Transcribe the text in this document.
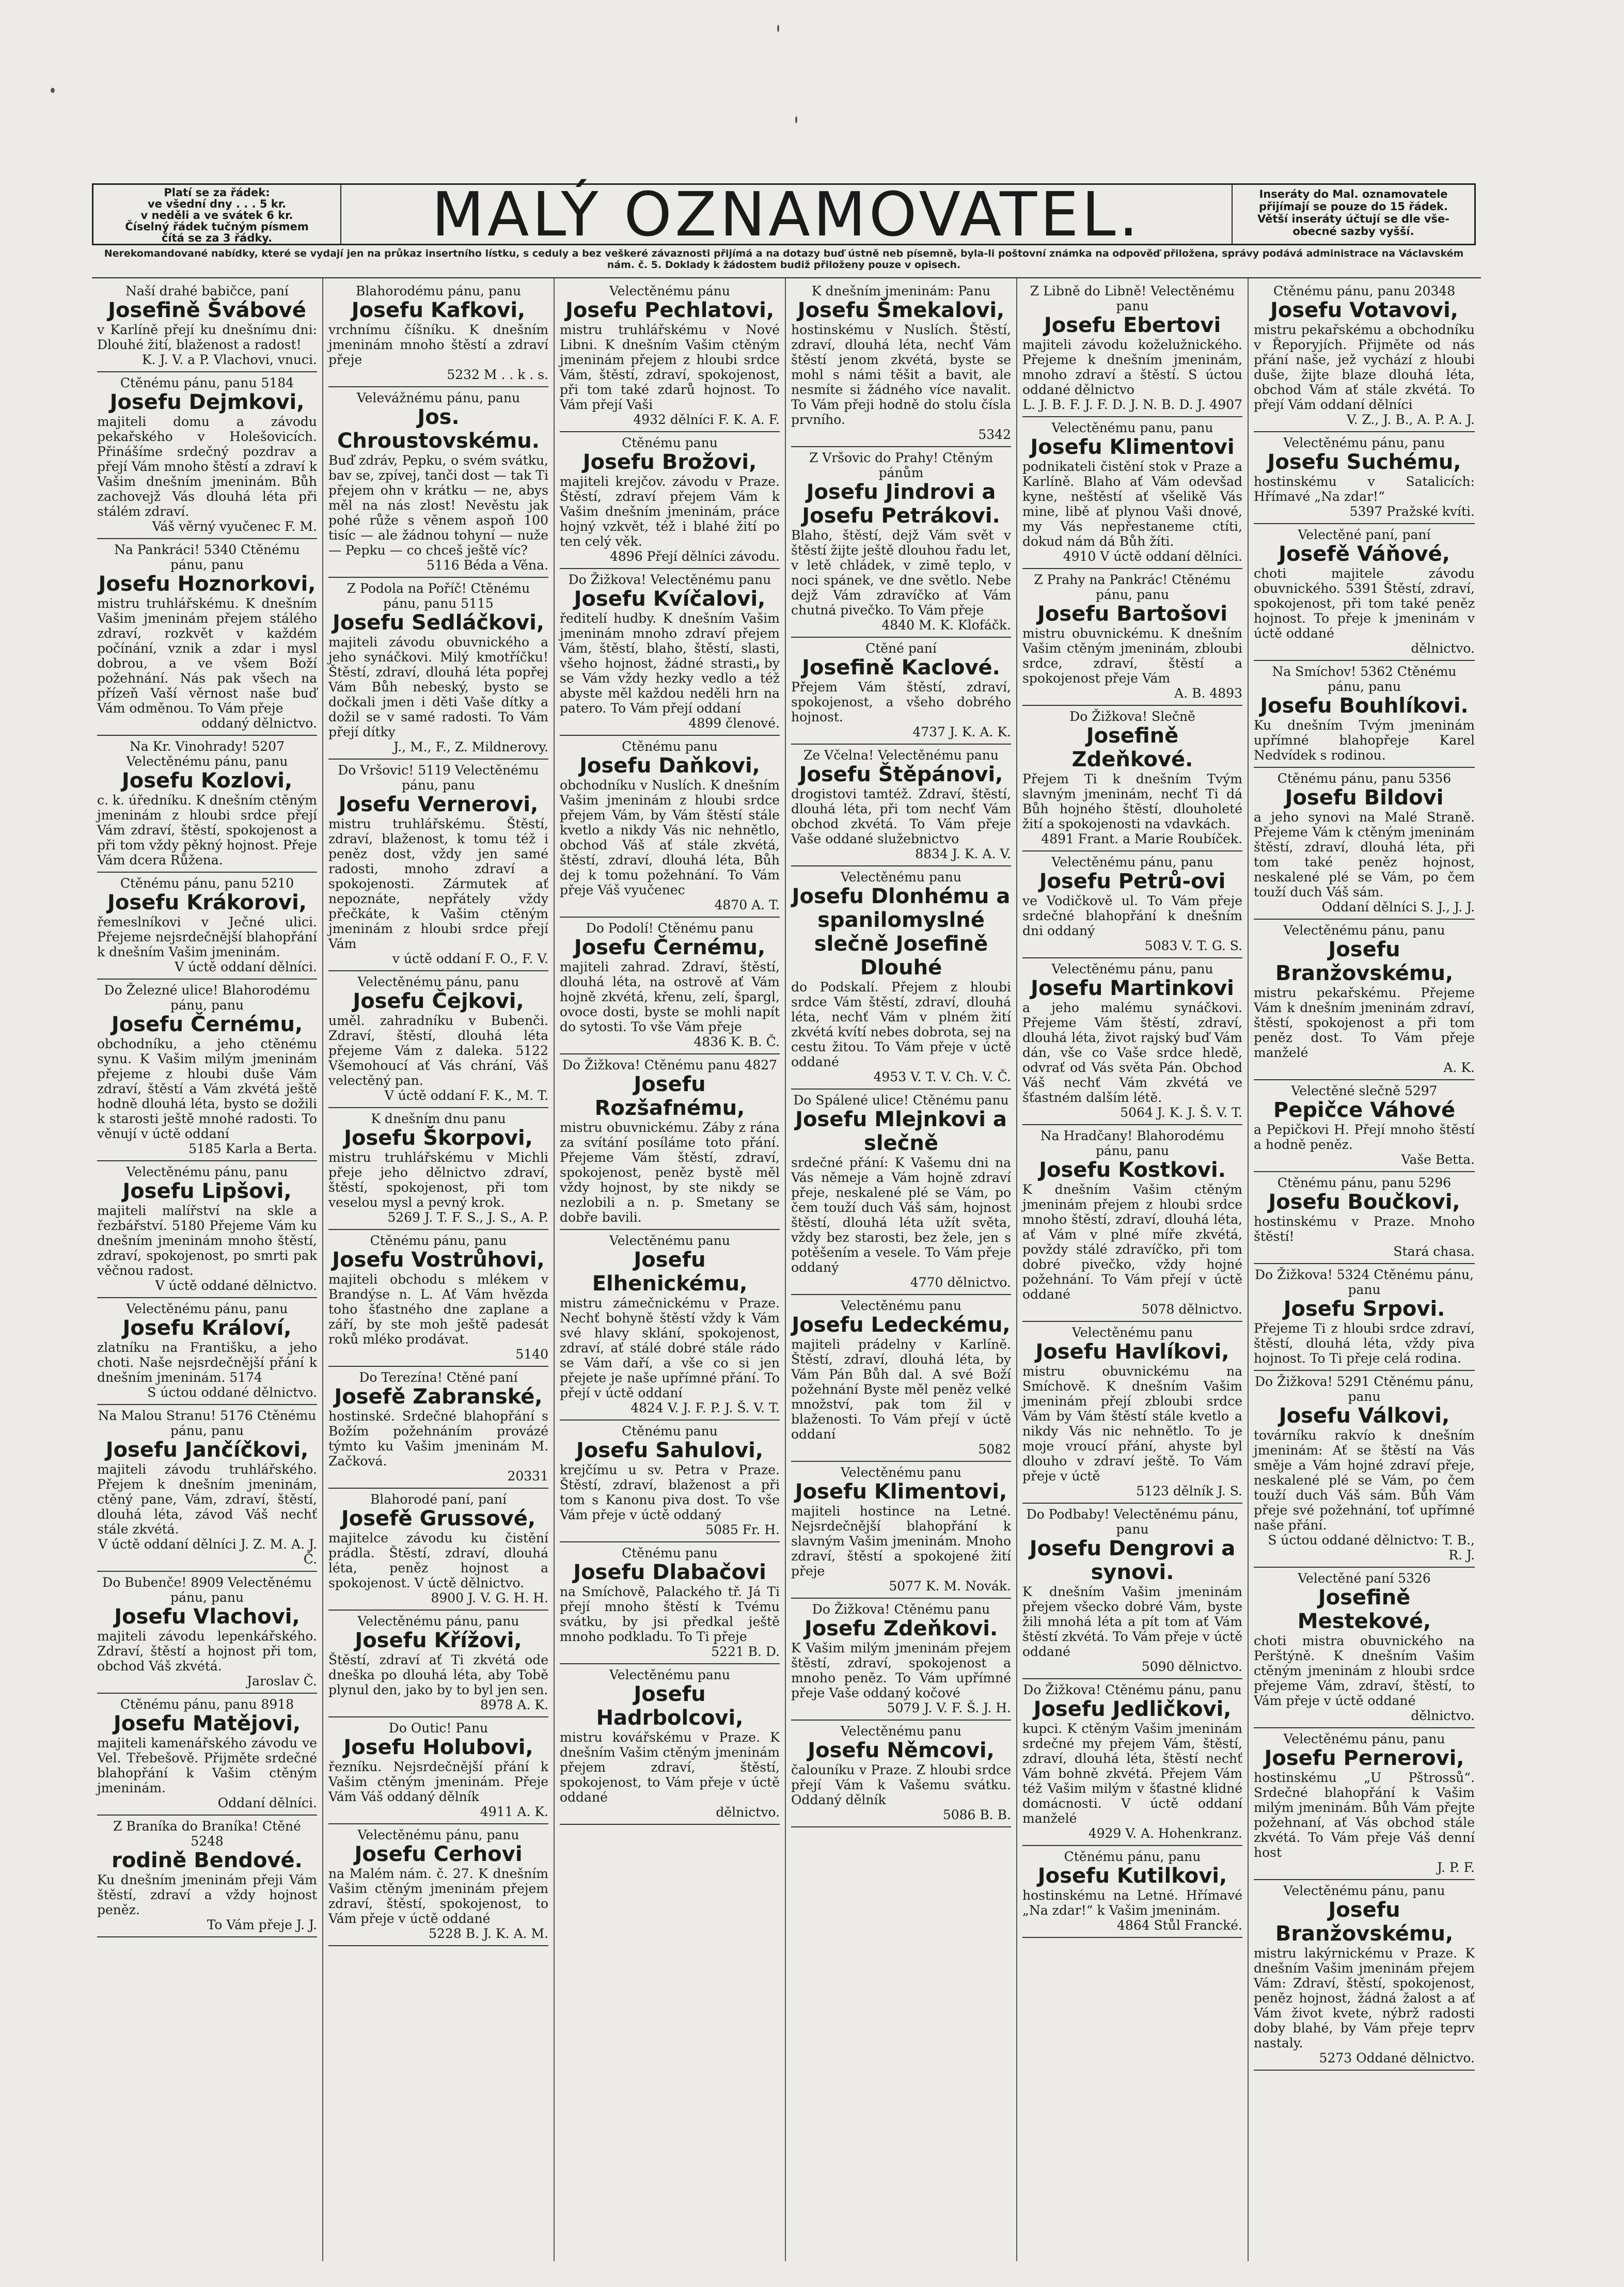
Platí se za řádek:
ve všední dny . . . 5 kr.
v neděli a ve svátek 6 kr.
Číselný řádek tučným písmem
čítá se za 3 řádky.	MALÝ OZNAMOVATEL.	Inseráty do Mal. oznamovatele
přijímají se pouze do 15 řádek.
Větší inseráty účtují se dle vše-
obecné sazby vyšší.
Nerekomandované nabídky, které se vydají jen na průkaz insertního lístku, s ceduly a bez veškeré závaznosti přijímá a na dotazy buď ústně neb písemně, byla-li poštovní známka na odpověď přiložena, správy podává administrace na Václavském nám. č. 5. Doklady k žádostem budiž přiloženy pouze v opisech.
Naší drahé babičce, paní
Josefině Švábové
v Karlíně přejí ku dnešnímu dni: Dlouhé žití, blaženost a radost!
K. J. V. a P. Vlachovi, vnuci.
Ctěnému pánu, panu 5184
Josefu Dejmkovi,
majiteli domu a závodu pekařského v Holešovicích. Přinášíme srdečný pozdrav a přejí Vám mnoho štěstí a zdraví k Vašim dnešním jmeninám. Bůh zachovejž Vás dlouhá léta při stálém zdraví.
Váš věrný vyučenec F. M.
Na Pankráci! 5340 Ctěnému pánu, panu
Josefu Hoznorkovi,
mistru truhlářskému. K dnešním Vašim jmeninám přejem stálého zdraví, rozkvět v každém počínání, vznik a zdar i mysl dobrou, a ve všem Boží požehnání. Nás pak všech na přízeň Vaší věrnost naše buď Vám odměnou. To Vám přeje
oddaný dělnictvo.
Na Kr. Vinohrady! 5207 Velectěnému pánu, panu
Josefu Kozlovi,
c. k. úředníku. K dnešním ctěným jmeninám z hloubi srdce přejí Vám zdraví, štěstí, spokojenost a při tom vždy pěkný hojnost. Přeje Vám dcera Růžena.
Ctěnému pánu, panu 5210
Josefu Krákorovi,
řemeslníkovi v Ječné ulici. Přejeme nejsrdečnější blahopřání k dnešním Vašim jmeninám.
V úctě oddaní dělníci.
Do Železné ulice! Blahorodému pánu, panu
Josefu Černému,
obchodníku, a jeho ctěnému synu. K Vašim milým jmeninám přejeme z hloubi duše Vám zdraví, štěstí a Vám zkvétá ještě hodně dlouhá léta, bysto se dožili k starosti ještě mnohé radosti. To věnují v úctě oddaní
5185 Karla a Berta.
Velectěnému pánu, panu
Josefu Lipšovi,
majiteli malířství na skle a řezbářství. 5180 Přejeme Vám ku dnešním jmeninám mnoho štěstí, zdraví, spokojenost, po smrti pak věčnou radost.
V úctě oddané dělnictvo.
Velectěnému pánu, panu
Josefu Královí,
zlatníku na Františku, a jeho choti. Naše nejsrdečnější přání k dnešním jmeninám. 5174
S úctou oddané dělnictvo.
Na Malou Stranu! 5176 Ctěnému pánu, panu
Josefu Jančíčkovi,
majiteli závodu truhlářského. Přejem k dnešním jmeninám, ctěný pane, Vám, zdraví, štěstí, dlouhá léta, závod Váš nechť stále zkvétá.
V úctě oddaní dělníci J. Z. M. A. J. Č.
Do Bubenče! 8909 Velectěnému pánu, panu
Josefu Vlachovi,
majiteli závodu lepenkářského. Zdraví, štěstí a hojnost při tom, obchod Váš zkvétá.
Jaroslav Č.
Ctěnému pánu, panu 8918
Josefu Matějovi,
majiteli kamenářského závodu ve Vel. Třebešově. Přijměte srdečné blahopřání k Vašim ctěným jmeninám.
Oddaní dělníci.
Z Braníka do Braníka! Ctěné 5248
rodině Bendové.
Ku dnešním jmeninám přeji Vám štěstí, zdraví a vždy hojnost peněz.
To Vám přeje J. J.
Blahorodému pánu, panu
Josefu Kafkovi,
vrchnímu číšníku. K dnešním jmeninám mnoho štěstí a zdraví přeje
5232 M . . k . s.
Velevážnému pánu, panu
Jos. Chroustovskému.
Buď zdráv, Pepku, o svém svátku, bav se, zpívej, tanči dost — tak Ti přejem ohn v krátku — ne, abys měl na nás zlost! Nevěstu jak pohé růže s věnem aspoň 100 tisíc — ale žádnou tohyní — nuže — Pepku — co chceš ještě víc?
5116 Béda a Věna.
Z Podola na Poříč! Ctěnému pánu, panu 5115
Josefu Sedláčkovi,
majiteli závodu obuvnického a jeho synáčkovi. Milý kmotříčku! Štěstí, zdraví, dlouhá léta popřej Vám Bůh nebeský, bysto se dočkali jmen i děti Vaše dítky a dožil se v samé radosti. To Vám přejí dítky
J., M., F., Z. Mildnerovy.
Do Vršovic! 5119 Velectěnému pánu, panu
Josefu Vernerovi,
mistru truhlářskému. Štěstí, zdraví, blaženost, k tomu též i peněz dost, vždy jen samé radosti, mnoho zdraví a spokojenosti. Zármutek ať nepoznáte, nepřátely vždy přečkáte, k Vašim ctěným jmeninám z hloubi srdce přejí Vám
v úctě oddaní F. O., F. V.
Velectěnému pánu, panu
Josefu Čejkovi,
uměl. zahradníku v Bubenči. Zdraví, štěstí, dlouhá léta přejeme Vám z daleka. 5122 Všemohoucí ať Vás chrání, Váš velectěný pan.
V úctě oddaní F. K., M. T.
K dnešním dnu panu
Josefu Škorpovi,
mistru truhlářskému v Michli přeje jeho dělnictvo zdraví, štěstí, spokojenost, při tom veselou mysl a pevný krok.
5269 J. T. F. S., J. S., A. P.
Ctěnému pánu, panu
Josefu Vostrůhovi,
majiteli obchodu s mlékem v Brandýse n. L. Ať Vám hvězda toho šťastného dne zaplane a září, by ste moh ještě padesát roků mléko prodávat.
5140
Do Terezína! Ctěné paní
Josefě Zabranské,
hostinské. Srdečné blahopřání s Božím požehnáním provázé týmto ku Vašim jmeninám M. Začková.
20331
Blahorodé paní, paní
Josefě Grussové,
majitelce závodu ku čistění prádla. Štěstí, zdraví, dlouhá léta, peněz hojnost a spokojenost. V úctě dělnictvo.
8900 J. V. G. H. H.
Velectěnému pánu, panu
Josefu Křížovi,
Štěstí, zdraví ať Ti zkvétá ode dneška po dlouhá léta, aby Tobě plynul den, jako by to byl jen sen.
8978 A. K.
Do Outic! Panu
Josefu Holubovi,
řezníku. Nejsrdečnější přání k Vašim ctěným jmeninám. Přeje Vám Váš oddaný dělník
4911 A. K.
Velectěnému pánu, panu
Josefu Cerhovi
na Malém nám. č. 27. K dnešním Vašim ctěným jmeninám přejem zdraví, štěstí, spokojenost, to Vám přeje v úctě oddané
5228 B. J. K. A. M.
Velectěnému pánu
Josefu Pechlatovi,
mistru truhlářskému v Nové Libni. K dnešním Vašim ctěným jmeninám přejem z hloubi srdce Vám, štěstí, zdraví, spokojenost, při tom také zdarů hojnost. To Vám přejí Vaši
4932 dělníci F. K. A. F.
Ctěnému panu
Josefu Brožovi,
majiteli krejčov. závodu v Praze. Štěstí, zdraví přejem Vám k Vašim dnešním jmeninám, práce hojný vzkvět, též i blahé žití po ten celý věk.
4896 Přejí dělníci závodu.
Do Žižkova! Velectěnému panu
Josefu Kvíčalovi,
ředitelí hudby. K dnešním Vašim jmeninám mnoho zdraví přejem Vám, štěstí, blaho, štěstí, slasti, všeho hojnost, žádné strasti, by se Vám vždy hezky vedlo a též abyste měl každou neděli hrn na patero. To Vám přejí oddaní
4899 členové.
Ctěnému panu
Josefu Daňkovi,
obchodníku v Nuslích. K dnešním Vašim jmeninám z hloubi srdce přejem Vám, by Vám štěstí stále kvetlo a nikdy Vás nic nehnětlo, obchod Váš ať stále zkvétá, štěstí, zdraví, dlouhá léta, Bůh dej k tomu požehnání. To Vám přeje Váš vyučenec
4870 A. T.
Do Podolí! Ctěnému panu
Josefu Černému,
majiteli zahrad. Zdraví, štěstí, dlouhá léta, na ostrově ať Vám hojně zkvétá, křenu, zelí, špargl, ovoce dosti, byste se mohli napít do sytosti. To vše Vám přeje
4836 K. B. Č.
Do Žižkova! Ctěnému panu 4827
Josefu Rozšafnému,
mistru obuvnickému. Záby z rána za svítání posíláme toto přání. Přejeme Vám štěstí, zdraví, spokojenost, peněz bystě měl vždy hojnost, by ste nikdy se nezlobili a n. p. Smetany se dobře bavili.
Velectěnému panu
Josefu Elhenickému,
mistru zámečnickému v Praze. Nechť bohyně štěstí vždy k Vám své hlavy sklání, spokojenost, zdraví, ať stálé dobré stále rádo se Vám daří, a vše co si jen přejete je naše upřímné přání. To přejí v úctě oddaní
4824 V. J. F. P. J. Š. V. T.
Ctěnému panu
Josefu Sahulovi,
krejčímu u sv. Petra v Praze. Štěstí, zdraví, blaženost a při tom s Kanonu piva dost. To vše Vám přeje v úctě oddaný
5085 Fr. H.
Ctěnému panu
Josefu Dlabačovi
na Smíchově, Palackého tř. Já Ti přejí mnoho štěstí k Tvému svátku, by jsi předkal ještě mnoho podkladu. To Ti přeje
5221 B. D.
Velectěnému panu
Josefu Hadrbolcovi,
mistru kovářskému v Praze. K dnešním Vašim ctěným jmeninám přejem zdraví, štěstí, spokojenost, to Vám přeje v úctě oddané
dělnictvo.
K dnešním jmeninám: Panu
Josefu Šmekalovi,
hostinskému v Nuslích. Štěstí, zdraví, dlouhá léta, nechť Vám štěstí jenom zkvétá, byste se mohl s námi těšit a bavit, ale nesmíte si žádného více navalit. To Vám přeji hodně do stolu čísla prvního.
5342
Z Vršovic do Prahy! Ctěným pánům
Josefu Jindrovi a Josefu Petrákovi.
Blaho, štěstí, dejž Vám svět v štěstí žijte ještě dlouhou řadu let, v letě chládek, v zimě teplo, v noci spánek, ve dne světlo. Nebe dejž Vám zdravíčko ať Vám chutná pivečko. To Vám přeje
4840 M. K. Klofáčk.
Ctěné paní
Josefině Kaclové.
Přejem Vám štěstí, zdraví, spokojenost, a všeho dobrého hojnost.
4737 J. K. A. K.
Ze Včelna! Velectěnému panu
Josefu Štěpánovi,
drogistovi tamtéž. Zdraví, štěstí, dlouhá léta, při tom nechť Vám obchod zkvétá. To Vám přeje Vaše oddané služebnictvo
8834 J. K. A. V.
Velectěnému panu
Josefu Dlonhému a spanilomyslné slečně Josefině Dlouhé
do Podskalí. Přejem z hloubi srdce Vám štěstí, zdraví, dlouhá léta, nechť Vám v plném žití zkvétá kvítí nebes dobrota, sej na cestu žitou. To Vám přeje v úctě oddané
4953 V. T. V. Ch. V. Č.
Do Spálené ulice! Ctěnému panu
Josefu Mlejnkovi a slečně
srdečné přání: K Vašemu dni na Vás němeje a Vám hojně zdraví přeje, neskalené plé se Vám, po čem touží duch Váš sám, hojnost štěstí, dlouhá léta užít světa, vždy bez starosti, bez žele, jen s potěšením a vesele. To Vám přeje oddaný
4770 dělnictvo.
Velectěnému panu
Josefu Ledeckému,
majiteli prádelny v Karlíně. Štěstí, zdraví, dlouhá léta, by Vám Pán Bůh dal. A své Boží požehnání Byste měl peněz velké množství, pak tom žil v blaženosti. To Vám přejí v úctě oddaní
5082
Velectěnému panu
Josefu Klimentovi,
majiteli hostince na Letné. Nejsrdečnější blahopřání k slavným Vašim jmeninám. Mnoho zdraví, štěstí a spokojené žití přeje
5077 K. M. Novák.
Do Žižkova! Ctěnému panu
Josefu Zdeňkovi.
K Vašim milým jmeninám přejem štěstí, zdraví, spokojenost a mnoho peněz. To Vám upřímné přeje Vaše oddaný kočové
5079 J. V. F. Š. J. H.
Velectěnému panu
Josefu Němcovi,
čalouníku v Praze. Z hloubi srdce přejí Vám k Vašemu svátku. Oddaný dělník
5086 B. B.
Z Libně do Libně! Velectěnému panu
Josefu Ebertovi
majiteli závodu koželužnického. Přejeme k dnešním jmeninám, mnoho zdraví a štěstí. S úctou oddané dělnictvo
L. J. B. F. J. F. D. J. N. B. D. J. 4907
Velectěnému panu, panu
Josefu Klimentovi
podnikateli čistění stok v Praze a Karlíně. Blaho ať Vám odevšad kyne, neštěstí ať všelikě Vás mine, libě ať plynou Vaši dnové, my Vás nepřestaneme ctíti, dokud nám dá Bůh žíti.
4910 V úctě oddaní dělníci.
Z Prahy na Pankrác! Ctěnému pánu, panu
Josefu Bartošovi
mistru obuvnickému. K dnešním Vašim ctěným jmeninám, zbloubi srdce, zdraví, štěstí a spokojenost přeje Vám
A. B. 4893
Do Žižkova! Slečně
Josefině Zdeňkové.
Přejem Ti k dnešním Tvým slavným jmeninám, nechť Ti dá Bůh hojného štěstí, dlouholeté žití a spokojenosti na vdavkách.
4891 Frant. a Marie Roubíček.
Velectěnému pánu, panu
Josefu Petrů-ovi
ve Vodičkově ul. To Vám přeje srdečné blahopřání k dnešním dni oddaný
5083 V. T. G. S.
Velectěnému pánu, panu
Josefu Martinkovi
a jeho malému synáčkovi. Přejeme Vám štěstí, zdraví, dlouhá léta, život rajský buď Vám dán, vše co Vaše srdce hledě, odvrať od Vás světa Pán. Obchod Váš nechť Vám zkvétá ve šťastném dalším létě.
5064 J. K. J. Š. V. T.
Na Hradčany! Blahorodému pánu, panu
Josefu Kostkovi.
K dnešním Vašim ctěným jmeninám přejem z hloubi srdce mnoho štěstí, zdraví, dlouhá léta, ať Vám v plné míře zkvétá, povždy stálé zdravíčko, při tom dobré pivečko, vždy hojné požehnání. To Vám přejí v úctě oddané
5078 dělnictvo.
Velectěnému panu
Josefu Havlíkovi,
mistru obuvnickému na Smíchově. K dnešním Vašim jmeninám přejí zbloubi srdce Vám by Vám štěstí stále kvetlo a nikdy Vás nic nehnětlo. To je moje vroucí přání, ahyste byl dlouho v zdraví ještě. To Vám přeje v úctě
5123 dělník J. S.
Do Podbaby! Velectěnému pánu, panu
Josefu Dengrovi a synovi.
K dnešním Vašim jmeninám přejem všecko dobré Vám, byste žili mnohá léta a pít tom ať Vám štěstí zkvétá. To Vám přeje v úctě oddané
5090 dělnictvo.
Do Žižkova! Ctěnému pánu, panu
Josefu Jedličkovi,
kupci. K ctěným Vašim jmeninám srdečné my přejem Vám, štěstí, zdraví, dlouhá léta, štěstí nechť Vám bohně zkvétá. Přejem Vám též Vašim milým v šťastné klidné domácnosti. V úctě oddaní manželé
4929 V. A. Hohenkranz.
Ctěnému pánu, panu
Josefu Kutilkovi,
hostinskému na Letné. Hřímavé „Na zdar!“ k Vašim jmeninám.
4864 Stůl Francké.
Ctěnému pánu, panu 20348
Josefu Votavovi,
mistru pekařskému a obchodníku v Řeporyjích. Přijměte od nás přání naše, jež vychází z hloubi duše, žijte blaze dlouhá léta, obchod Vám ať stále zkvétá. To přejí Vám oddaní dělníci
V. Z., J. B., A. P. A. J.
Velectěnému pánu, panu
Josefu Suchému,
hostinskému v Satalicích: Hřímavé „Na zdar!“
5397 Pražské kvíti.
Velectěné paní, paní
Josefě Váňové,
choti majitele závodu obuvnického. 5391 Štěstí, zdraví, spokojenost, při tom také peněz hojnost. To přeje k jmeninám v úctě oddané
dělnictvo.
Na Smíchov! 5362 Ctěnému pánu, panu
Josefu Bouhlíkovi.
Ku dnešním Tvým jmeninám upřímné blahopřeje Karel Nedvídek s rodinou.
Ctěnému pánu, panu 5356
Josefu Bildovi
a jeho synovi na Malé Straně. Přejeme Vám k ctěným jmeninám štěstí, zdraví, dlouhá léta, při tom také peněz hojnost, neskalené plé se Vám, po čem touží duch Váš sám.
Oddaní dělníci S. J., J. J.
Velectěnému pánu, panu
Josefu Branžovskému,
mistru pekařskému. Přejeme Vám k dnešním jmeninám zdraví, štěstí, spokojenost a při tom peněz dost. To Vám přeje manželé
A. K.
Velectěné slečně 5297
Pepičce Váhové
a Pepičkovi H. Přejí mnoho štěstí a hodně peněz.
Vaše Betta.
Ctěnému pánu, panu 5296
Josefu Boučkovi,
hostinskému v Praze. Mnoho štěstí!
Stará chasa.
Do Žižkova! 5324 Ctěnému pánu, panu
Josefu Srpovi.
Přejeme Ti z hloubi srdce zdraví, štěstí, dlouhá léta, vždy piva hojnost. To Ti přeje celá rodina.
Do Žižkova! 5291 Ctěnému pánu, panu
Josefu Válkovi,
továrníku rakvío k dnešním jmeninám: Ať se štěstí na Vás směje a Vám hojné zdraví přeje, neskalené plé se Vám, po čem touží duch Váš sám. Bůh Vám přeje své požehnání, toť upřímné naše přání.
S úctou oddané dělnictvo: T. B., R. J.
Velectěné paní 5326
Josefině Mestekové,
choti mistra obuvnického na Perštýně. K dnešním Vašim ctěným jmeninám z hloubi srdce přejeme Vám, zdraví, štěstí, to Vám přeje v úctě oddané
dělnictvo.
Velectěnému pánu, panu
Josefu Pernerovi,
hostinskému „U Pštrossů“. Srdečné blahopřání k Vašim milým jmeninám. Bůh Vám přejte požehnaní, ať Vás obchod stále zkvétá. To Vám přeje Váš denní host
J. P. F.
Velectěnému pánu, panu
Josefu Branžovskému,
mistru lakýrnickému v Praze. K dnešním Vašim jmeninám přejem Vám: Zdraví, štěstí, spokojenost, peněz hojnost, žádná žalost a ať Vám život kvete, nýbrž radosti doby blahé, by Vám přeje teprv nastaly.
5273 Oddané dělnictvo.
